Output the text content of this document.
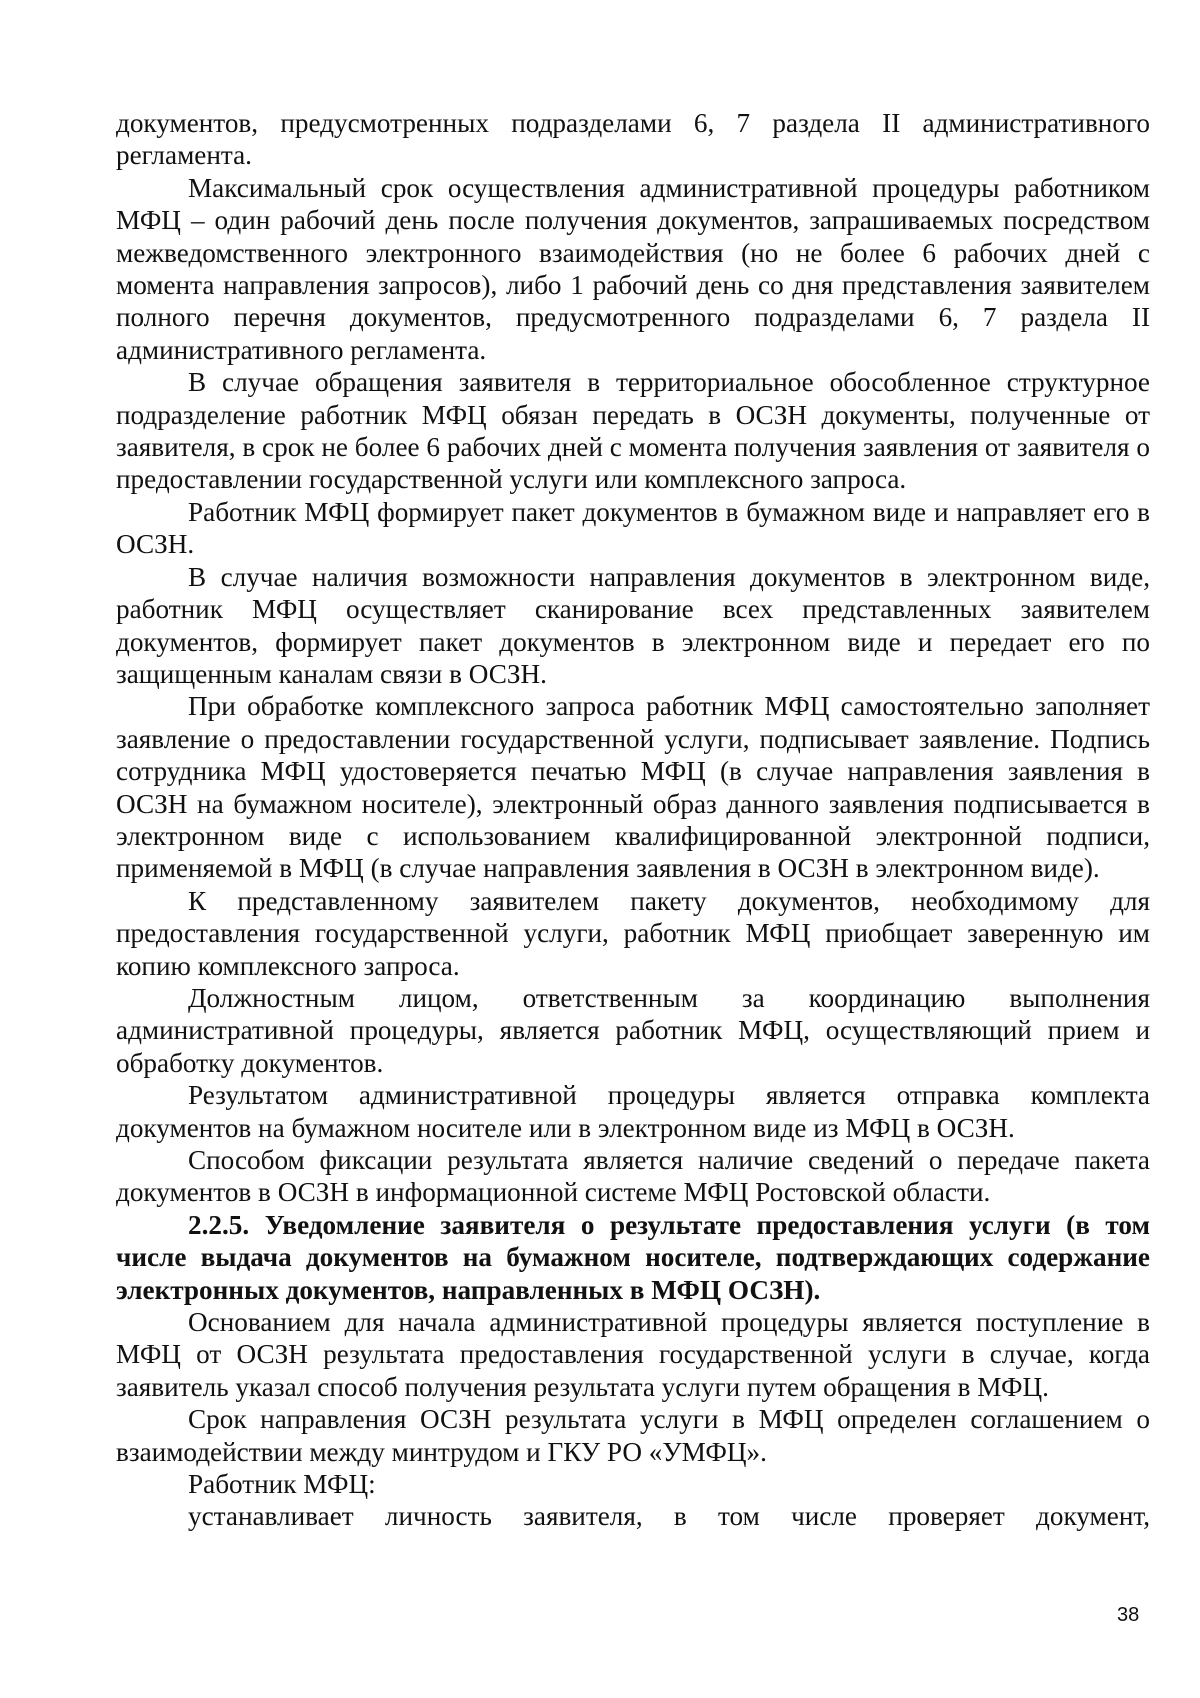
документов, предусмотренных подразделами 6, 7 раздела II административного регламента.

Максимальный срок осуществления административной процедуры работником МФЦ – один рабочий день после получения документов, запрашиваемых посредством межведомственного электронного взаимодействия (но не более 6 рабочих дней с момента направления запросов), либо 1 рабочий день со дня представления заявителем полного перечня документов, предусмотренного подразделами 6, 7 раздела II административного регламента.

В случае обращения заявителя в территориальное обособленное структурное подразделение работник МФЦ обязан передать в ОСЗН документы, полученные от заявителя, в срок не более 6 рабочих дней с момента получения заявления от заявителя о предоставлении государственной услуги или комплексного запроса.

Работник МФЦ формирует пакет документов в бумажном виде и направляет его в ОСЗН.

В случае наличия возможности направления документов в электронном виде, работник МФЦ осуществляет сканирование всех представленных заявителем документов, формирует пакет документов в электронном виде и передает его по защищенным каналам связи в ОСЗН.

При обработке комплексного запроса работник МФЦ самостоятельно заполняет заявление о предоставлении государственной услуги, подписывает заявление. Подпись сотрудника МФЦ удостоверяется печатью МФЦ (в случае направления заявления в ОСЗН на бумажном носителе), электронный образ данного заявления подписывается в электронном виде с использованием квалифицированной электронной подписи, применяемой в МФЦ (в случае направления заявления в ОСЗН в электронном виде).

К представленному заявителем пакету документов, необходимому для предоставления государственной услуги, работник МФЦ приобщает заверенную им копию комплексного запроса.

Должностным лицом, ответственным за координацию выполнения административной процедуры, является работник МФЦ, осуществляющий прием и обработку документов.

Результатом административной процедуры является отправка комплекта документов на бумажном носителе или в электронном виде из МФЦ в ОСЗН.

Способом фиксации результата является наличие сведений о передаче пакета документов в ОСЗН в информационной системе МФЦ Ростовской области.

2.2.5. Уведомление заявителя о результате предоставления услуги (в том числе выдача документов на бумажном носителе, подтверждающих содержание электронных документов, направленных в МФЦ ОСЗН).

Основанием для начала административной процедуры является поступление в МФЦ от ОСЗН результата предоставления государственной услуги в случае, когда заявитель указал способ получения результата услуги путем обращения в МФЦ.

Срок направления ОСЗН результата услуги в МФЦ определен соглашением о взаимодействии между минтрудом и ГКУ РО «УМФЦ».

Работник МФЦ:

устанавливает личность заявителя, в том числе проверяет документ,

38
